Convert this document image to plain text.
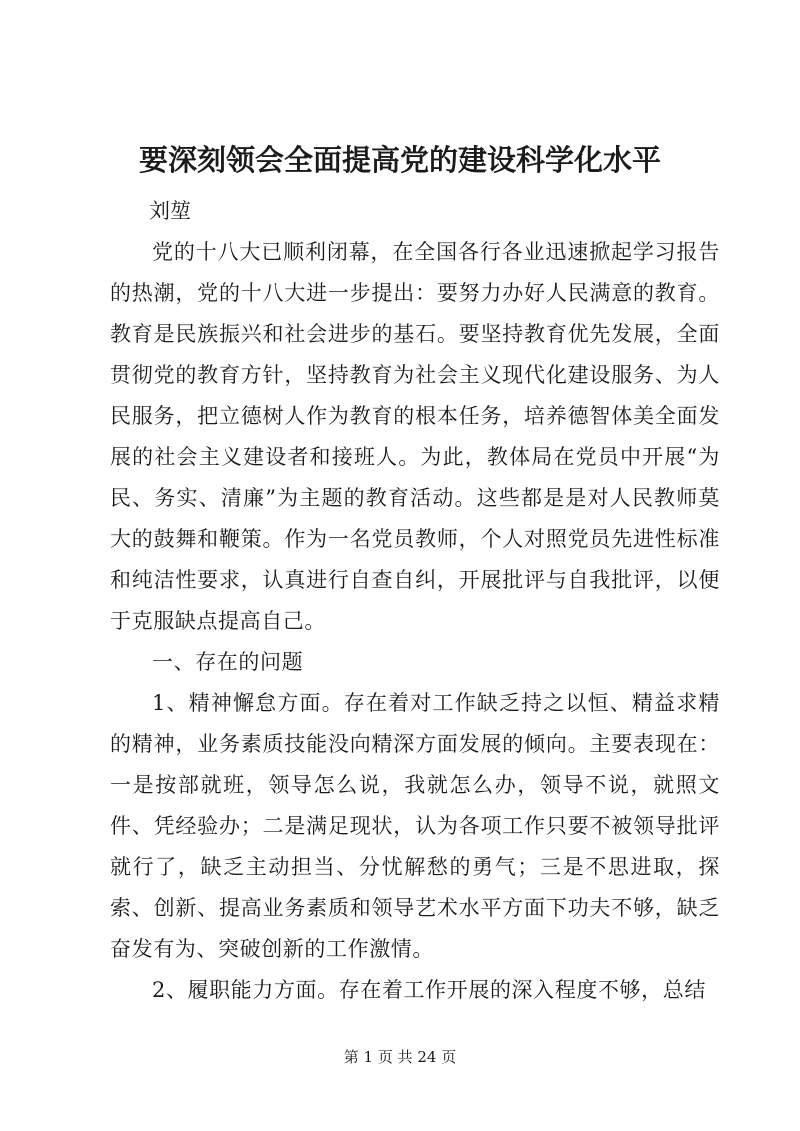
要深刻领会全面提高党的建设科学化水平
刘堃

党的十八大已顺利闭幕，在全国各行各业迅速掀起学习报告的热潮，党的十八大进一步提出：要努力办好人民满意的教育。教育是民族振兴和社会进步的基石。要坚持教育优先发展，全面贯彻党的教育方针，坚持教育为社会主义现代化建设服务、为人民服务，把立德树人作为教育的根本任务，培养德智体美全面发展的社会主义建设者和接班人。为此，教体局在党员中开展“为民、务实、清廉”为主题的教育活动。这些都是是对人民教师莫大的鼓舞和鞭策。作为一名党员教师，个人对照党员先进性标准和纯洁性要求，认真进行自查自纠，开展批评与自我批评，以便于克服缺点提高自己。

一、存在的问题

1、精神懈怠方面。存在着对工作缺乏持之以恒、精益求精的精神，业务素质技能没向精深方面发展的倾向。主要表现在：一是按部就班，领导怎么说，我就怎么办，领导不说，就照文件、凭经验办；二是满足现状，认为各项工作只要不被领导批评就行了，缺乏主动担当、分忧解愁的勇气；三是不思进取，探索、创新、提高业务素质和领导艺术水平方面下功夫不够，缺乏奋发有为、突破创新的工作激情。

2、履职能力方面。存在着工作开展的深入程度不够，总结

第 1 页 共 24 页
